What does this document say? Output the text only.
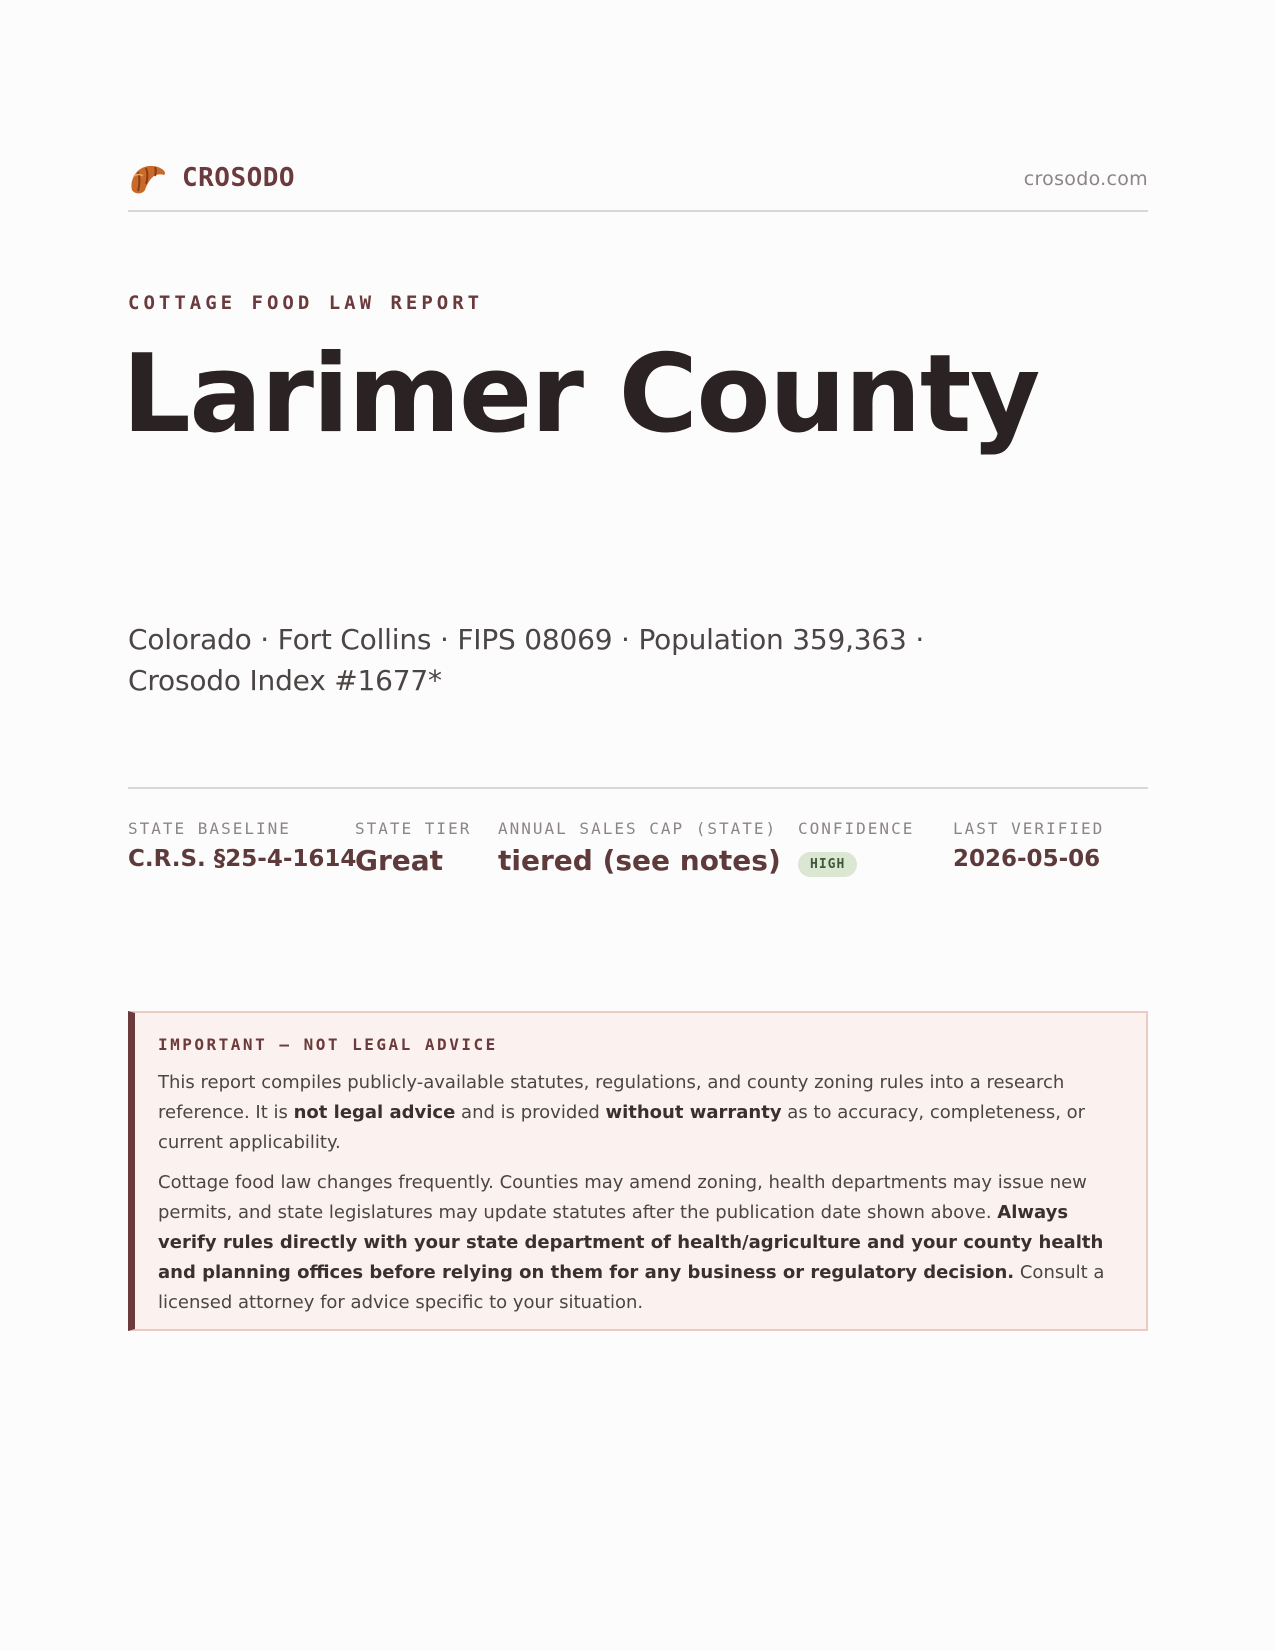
CROSODO	crosodo.com
COTTAGE FOOD LAW REPORT
Larimer County
Colorado · Fort Collins · FIPS 08069 · Population 359,363 ·
Crosodo Index #1677*
STATE BASELINE
C.R.S. §25-4-1614
STATE TIER
Great
ANNUAL SALES CAP (STATE)
tiered (see notes)
CONFIDENCE
HIGH
LAST VERIFIED
2026-05-06
IMPORTANT — NOT LEGAL ADVICE

This report compiles publicly-available statutes, regulations, and county zoning rules into a research reference. It is not legal advice and is provided without warranty as to accuracy, completeness, or current applicability.

Cottage food law changes frequently. Counties may amend zoning, health departments may issue new permits, and state legislatures may update statutes after the publication date shown above. Always verify rules directly with your state department of health/agriculture and your county health and planning offices before relying on them for any business or regulatory decision. Consult a licensed attorney for advice specific to your situation.
